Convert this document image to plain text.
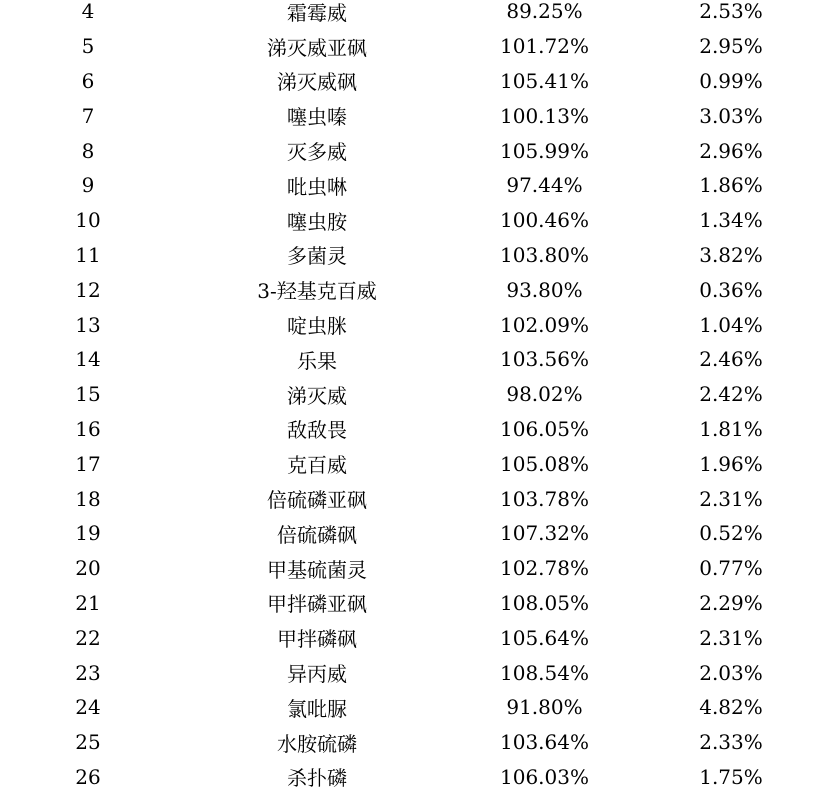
4	霜霉威	89.25%	2.53%
5	涕灭威亚砜	101.72%	2.95%
6	涕灭威砜	105.41%	0.99%
7	噻虫嗪	100.13%	3.03%
8	灭多威	105.99%	2.96%
9	吡虫啉	97.44%	1.86%
10	噻虫胺	100.46%	1.34%
11	多菌灵	103.80%	3.82%
12	3-羟基克百威	93.80%	0.36%
13	啶虫脒	102.09%	1.04%
14	乐果	103.56%	2.46%
15	涕灭威	98.02%	2.42%
16	敌敌畏	106.05%	1.81%
17	克百威	105.08%	1.96%
18	倍硫磷亚砜	103.78%	2.31%
19	倍硫磷砜	107.32%	0.52%
20	甲基硫菌灵	102.78%	0.77%
21	甲拌磷亚砜	108.05%	2.29%
22	甲拌磷砜	105.64%	2.31%
23	异丙威	108.54%	2.03%
24	氯吡脲	91.80%	4.82%
25	水胺硫磷	103.64%	2.33%
26	杀扑磷	106.03%	1.75%
